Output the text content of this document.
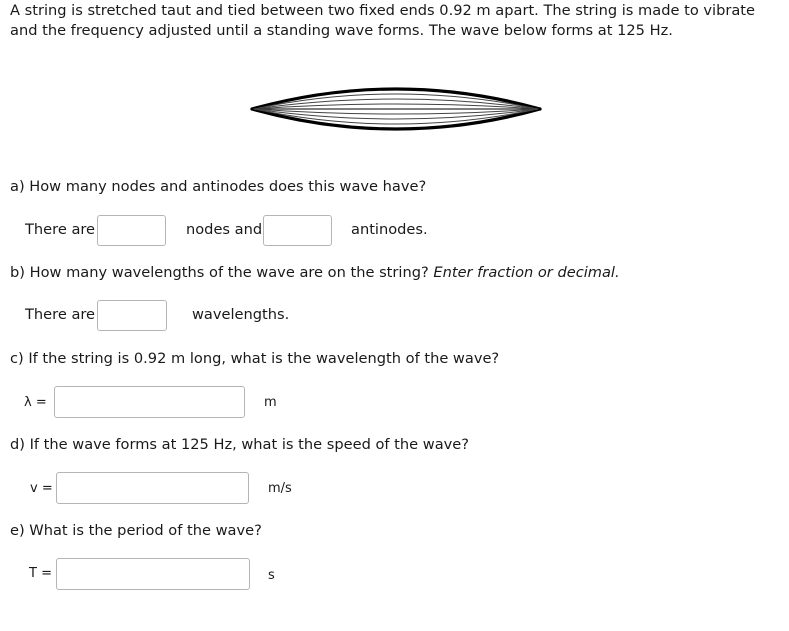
A string is stretched taut and tied between two fixed ends 0.92 m apart. The string is made to vibrate and the frequency adjusted until a standing wave forms. The wave below forms at 125 Hz.
a) How many nodes and antinodes does this wave have?
There are	nodes and	antinodes.
b) How many wavelengths of the wave are on the string? Enter fraction or decimal.
There are	wavelengths.
c) If the string is 0.92 m long, what is the wavelength of the wave?
λ =	m
d) If the wave forms at 125 Hz, what is the speed of the wave?
v =	m/s
e) What is the period of the wave?
T =	s
